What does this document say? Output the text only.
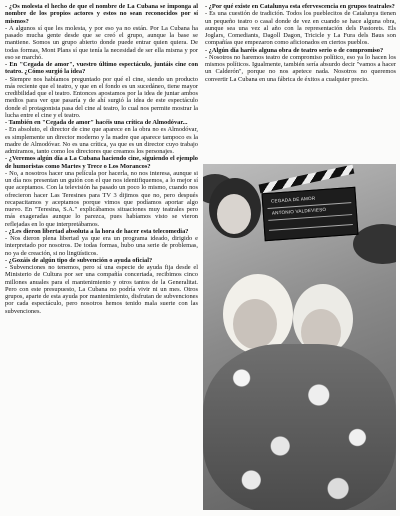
- ¿Os molesta el hecho de que el nombre de La Cubana se imponga al nombre de los propios actores y estos no sean reconocidos por sí mismos?

- A algunos sí que les molesta, y por eso ya no están. Por La Cubana ha pasado mucha gente desde que se creó el grupo, aunque la base se mantiene. Somos un grupo abierto donde puede entrar quien quiera. De todas formas, Mont Plans sí que tenía la necesidad de ser ella misma y por eso se marchó.

- En "Cegada de amor", vuestro último espectáculo, juntáis cine con teatro. ¿Cómo surgió la idea?

- Siempre nos habíamos preguntado por qué el cine, siendo un producto más reciente que el teatro, y que en el fondo es un sucedáneo, tiene mayor credibilidad que el teatro. Entonces apostamos por la idea de juntar ambos medios para ver que pasaría y de ahí surgió la idea de este espectáculo donde el protagonista pasa del cine al teatro, lo cual nos permite mostrar la lucha entre el cine y el teatro.

- También en "Cegada de amor" hacéis una crítica de Almodóvar...

- En absoluto, el director de cine que aparece en la obra no es Almodóvar, es simplemente un director moderno y la madre que aparece tampoco es la madre de Almodóvar. No es una crítica, ya que es un director cuyo trabajo admiramos, tanto como los directores que creamos los personajes.

- ¿Veremos algún día a La Cubana haciendo cine, siguiendo el ejemplo de humoristas como Martes y Trece o Los Morancos?

- No, a nosotros hacer una película por hacerla, no nos interesa, aunque si un día nos presentan un guión con el que nos identifiquemos, a lo mejor sí que aceptamos. Con la televisión ha pasado un poco lo mismo, cuando nos ofrecieron hacer Las Teresines para TV 3 dijimos que no, pero después recapacitamos y aceptamos porque vimos que podíamos aportar algo nuevo. En "Teresina, S.A." explicábamos situaciones muy teatrales pero más exageradas aunque lo parezca, pues habíamos visto se vieron reflejadas en lo que interpretábamos.

- ¿Les dieron libertad absoluta a la hora de hacer esta telecomedia?

- Nos dieron plena libertad ya que era un programa ideado, dirigido e interpretado por nosotros. De todas formas, hubo una serie de problemas, no ya de creación, si no lingüísticos.

- ¿Gozáis de algún tipo de subvención o ayuda oficial?

- Subvenciones no tenemos, pero sí una especie de ayuda fija desde el Ministerio de Cultura por ser una compañía concertada, recibimos cinco millones anuales para el mantenimiento y otros tantos de la Generalitat. Pero con este presupuesto, La Cubana no podría vivir ni un mes. Otros grupos, aparte de esta ayuda por mantenimiento, disfrutan de subvenciones por cada espectáculo, pero nosotros hemos tenido mala suerte con las subvenciones.

- ¿Por qué existe en Catalunya esta efervescencia en grupos teatrales?

- Es una cuestión de tradición. Todos los pueblecitos de Catalunya tienen un pequeño teatro o casal donde de vez en cuando se hace alguna obra, aunque sea una vez al año con la representación dels Pastorets. Els Joglars, Comediants, Dagoll Dagon, Tricicle y La Fura dels Baus son compañías que empezaron como aficionados en ciertos pueblos.

- ¿Algún día haréis alguna obra de teatro serio o de compromiso?

- Nosotros no haremos teatro de compromiso político, eso ya lo hacen los mismos políticos. Igualmente, también sería absurdo decir "vamos a hacer un Calderón", porque no nos apetece nada. Nosotros no queremos convertir La Cubana en una fábrica de éxitos a cualquier precio.

CEGADA DE AMOR
ANTONIO VALDEVIESO
